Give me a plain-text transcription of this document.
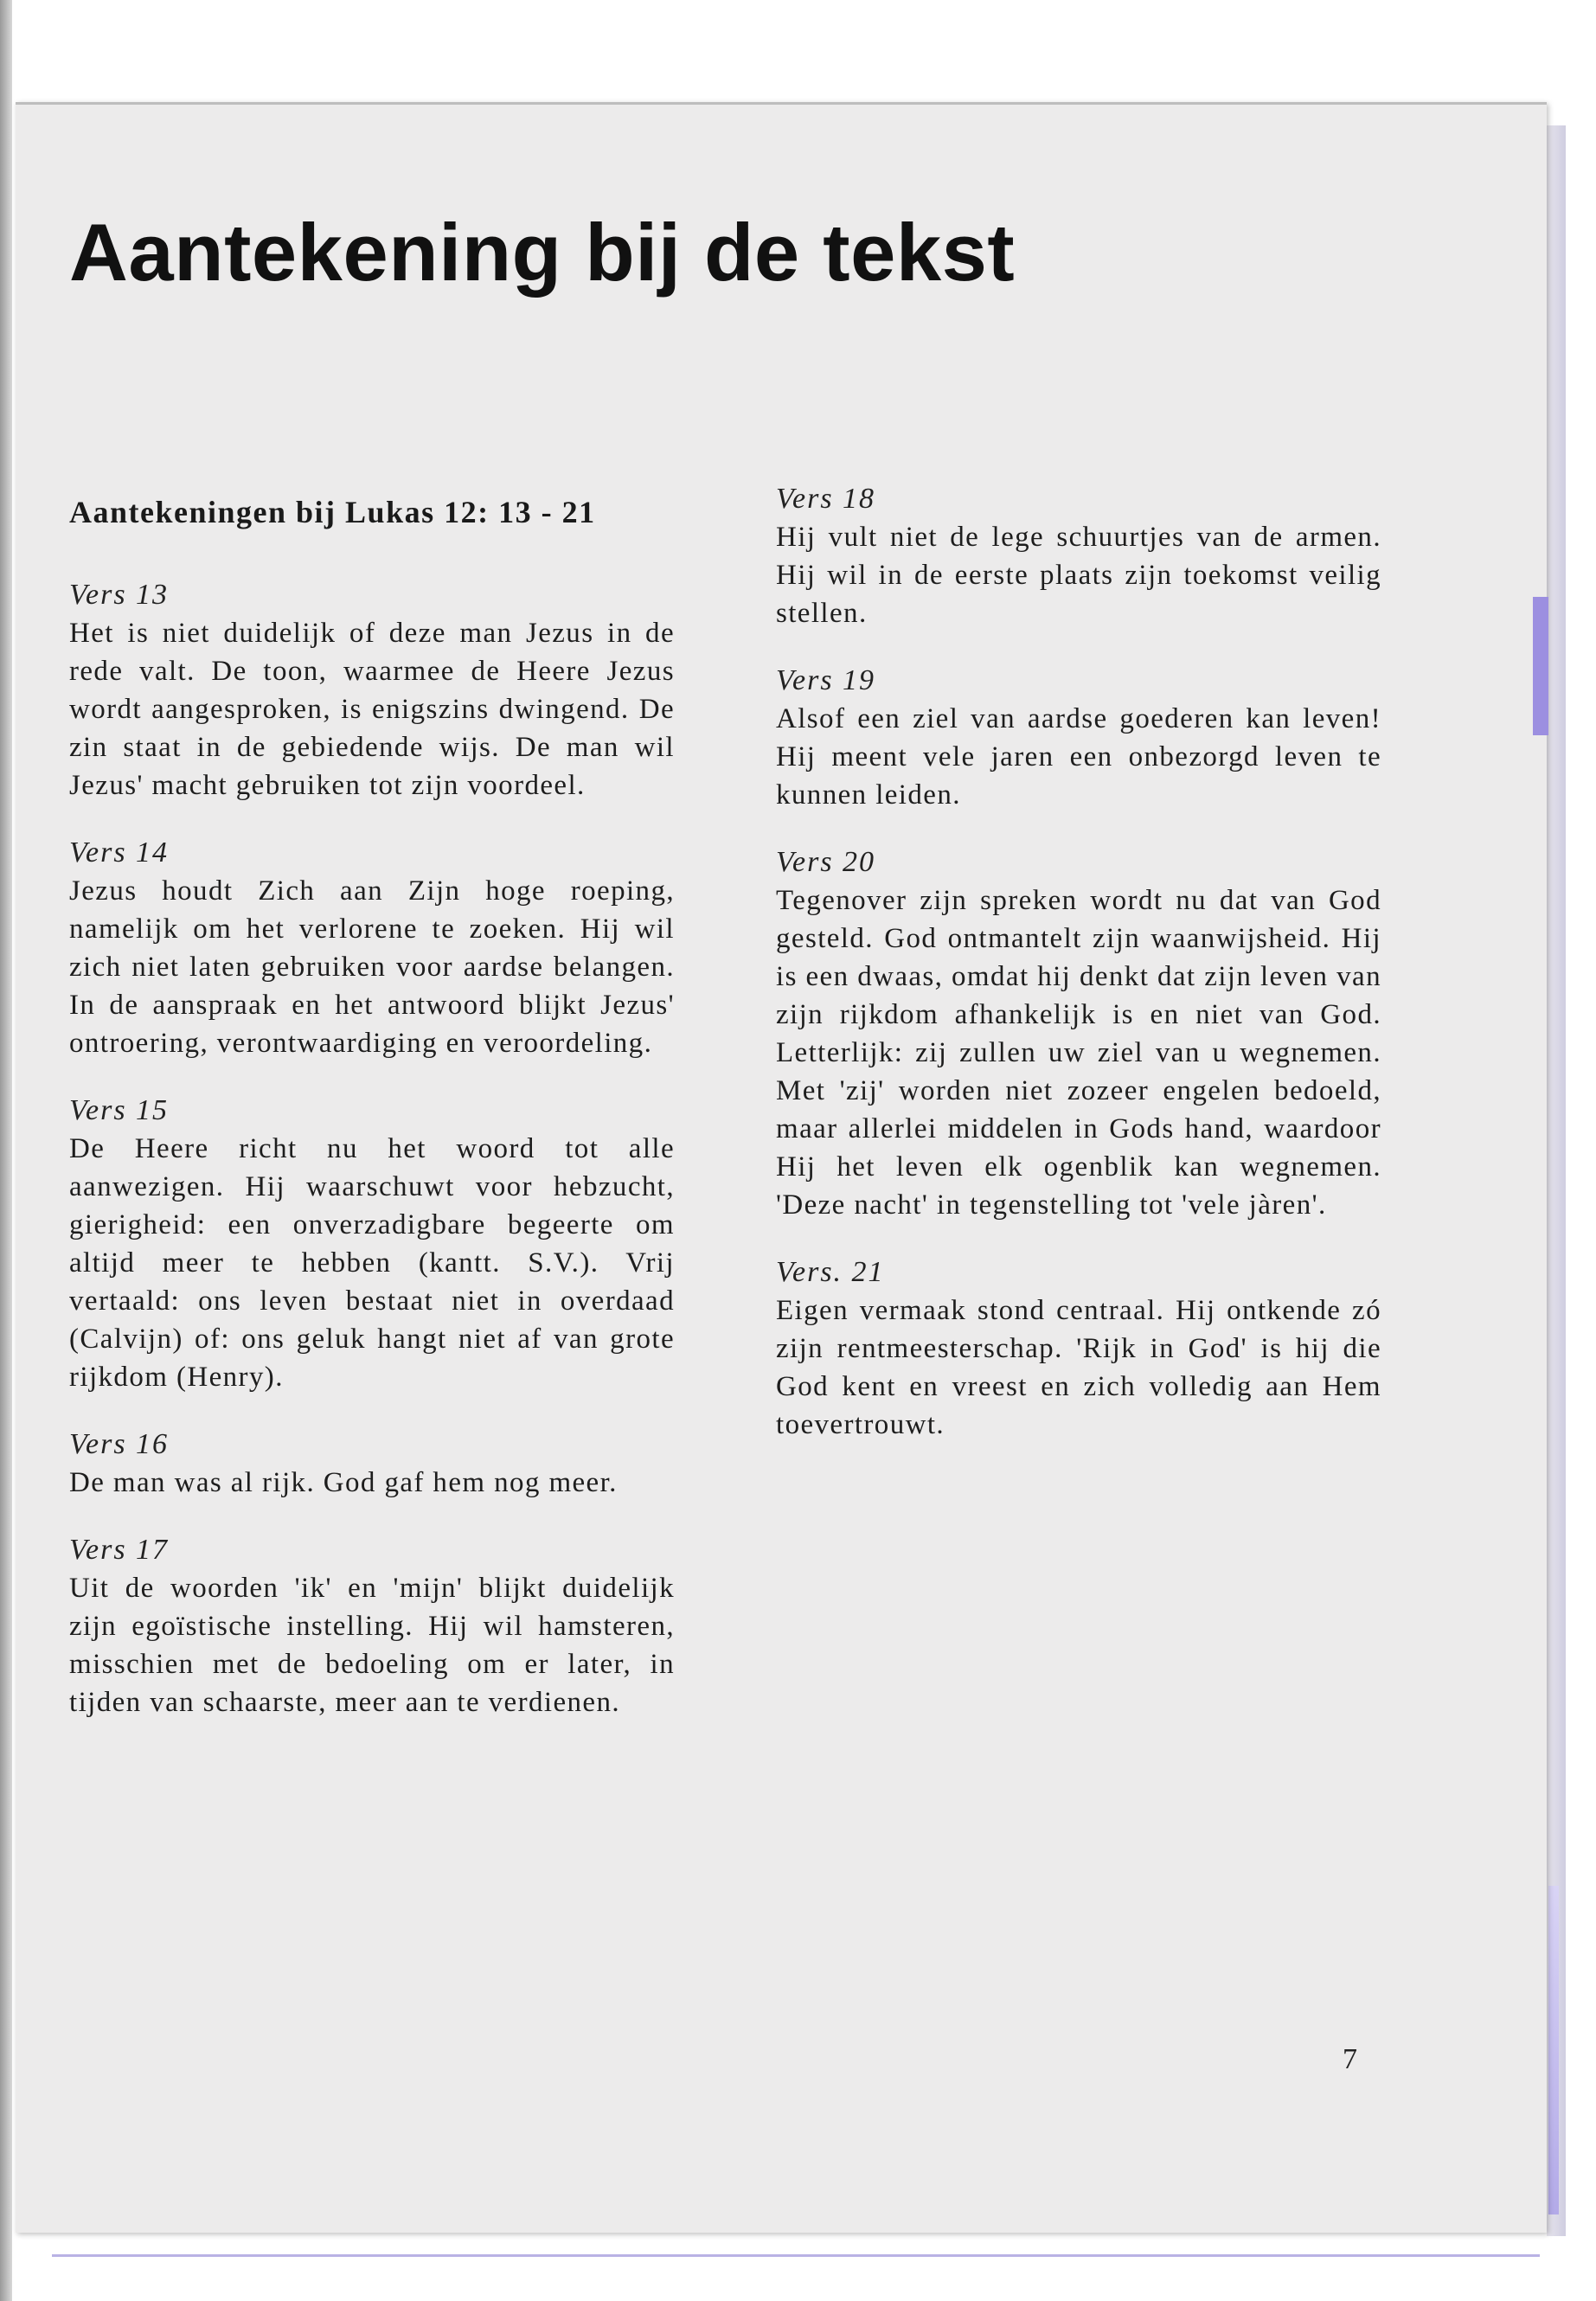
Aantekening bij de tekst
Aantekeningen bij Lukas 12: 13 - 21
Vers 13

Het is niet duidelijk of deze man Jezus in de rede valt. De toon, waarmee de Heere Jezus wordt aangesproken, is enigszins dwingend. De zin staat in de gebiedende wijs. De man wil Jezus' macht gebruiken tot zijn voordeel.

Vers 14

Jezus houdt Zich aan Zijn hoge roeping, namelijk om het verlorene te zoeken. Hij wil zich niet laten gebruiken voor aardse belangen. In de aanspraak en het antwoord blijkt Jezus' ontroering, verontwaardiging en veroordeling.

Vers 15

De Heere richt nu het woord tot alle aanwezigen. Hij waarschuwt voor hebzucht, gierigheid: een onverzadigbare begeerte om altijd meer te hebben (kantt. S.V.). Vrij vertaald: ons leven bestaat niet in overdaad (Calvijn) of: ons geluk hangt niet af van grote rijkdom (Henry).

Vers 16

De man was al rijk. God gaf hem nog meer.

Vers 17

Uit de woorden 'ik' en 'mijn' blijkt duidelijk zijn egoïstische instelling. Hij wil hamsteren, misschien met de bedoeling om er later, in tijden van schaarste, meer aan te verdienen.

Vers 18

Hij vult niet de lege schuurtjes van de armen. Hij wil in de eerste plaats zijn toekomst veilig stellen.

Vers 19

Alsof een ziel van aardse goederen kan leven! Hij meent vele jaren een onbezorgd leven te kunnen leiden.

Vers 20

Tegenover zijn spreken wordt nu dat van God gesteld. God ontmantelt zijn waanwijsheid. Hij is een dwaas, omdat hij denkt dat zijn leven van zijn rijkdom afhankelijk is en niet van God. Letterlijk: zij zullen uw ziel van u wegnemen. Met 'zij' worden niet zozeer engelen bedoeld, maar allerlei middelen in Gods hand, waardoor Hij het leven elk ogenblik kan wegnemen. 'Deze nacht' in tegenstelling tot 'vele jàren'.

Vers. 21

Eigen vermaak stond centraal. Hij ontkende zó zijn rentmeesterschap. 'Rijk in God' is hij die God kent en vreest en zich volledig aan Hem toevertrouwt.

7
